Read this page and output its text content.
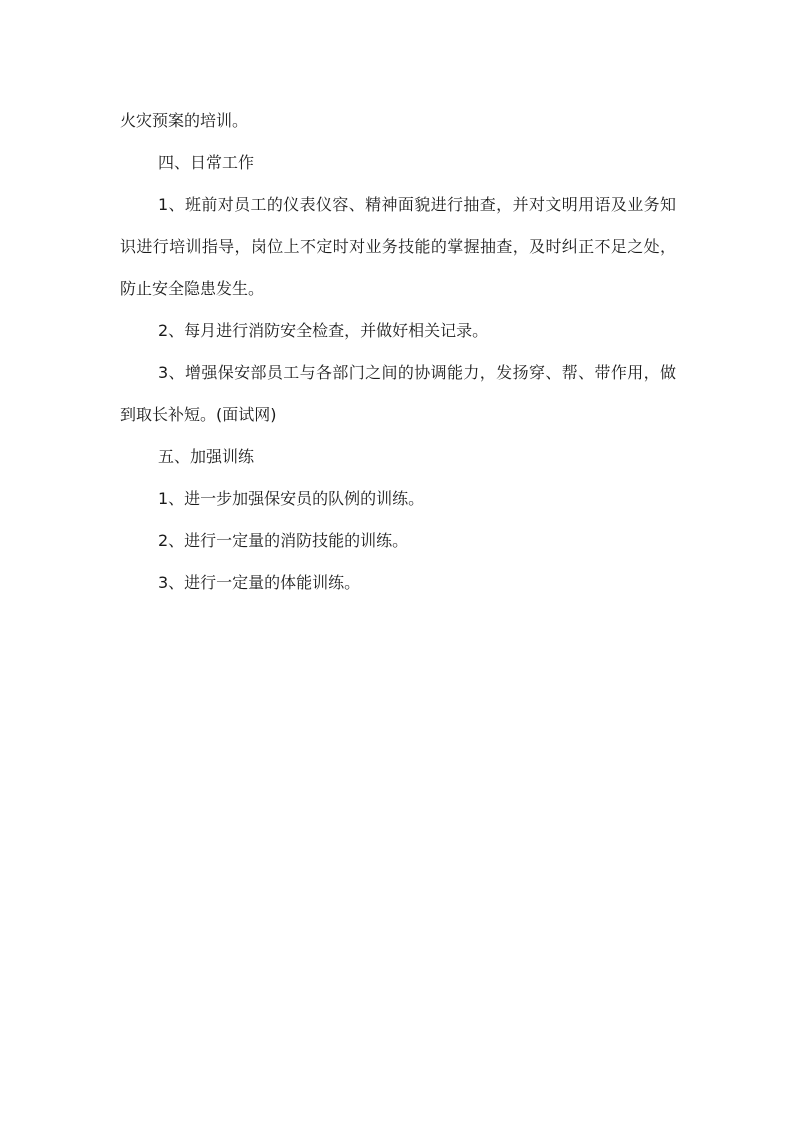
火灾预案的培训。

四、日常工作

1、班前对员工的仪表仪容、精神面貌进行抽查，并对文明用语及业务知识进行培训指导，岗位上不定时对业务技能的掌握抽查，及时纠正不足之处，防止安全隐患发生。

2、每月进行消防安全检查，并做好相关记录。

3、增强保安部员工与各部门之间的协调能力，发扬穿、帮、带作用，做到取长补短。(面试网)

五、加强训练

1、进一步加强保安员的队例的训练。

2、进行一定量的消防技能的训练。

3、进行一定量的体能训练。
